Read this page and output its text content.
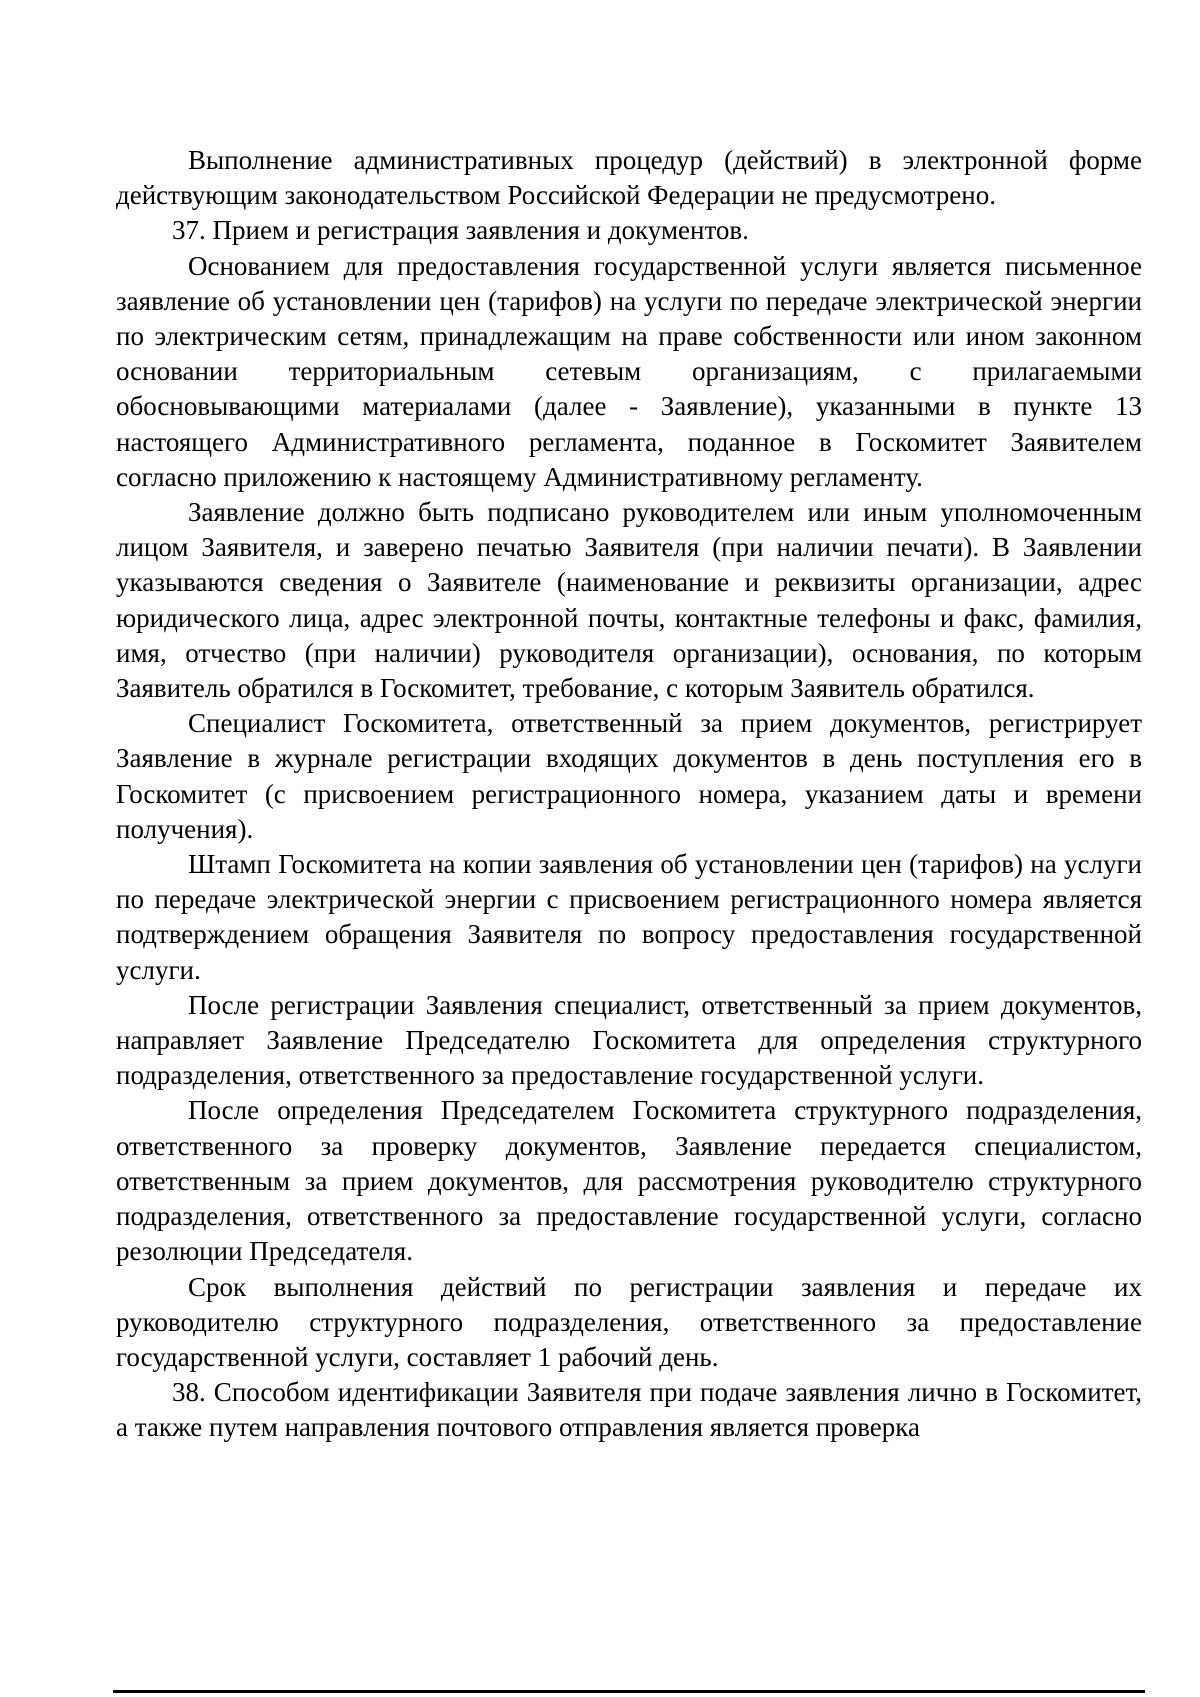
Выполнение административных процедур (действий) в электронной форме действующим законодательством Российской Федерации не предусмотрено.

37. Прием и регистрация заявления и документов.

Основанием для предоставления государственной услуги является письменное заявление об установлении цен (тарифов) на услуги по передаче электрической энергии по электрическим сетям, принадлежащим на праве собственности или ином законном основании территориальным сетевым организациям, с прилагаемыми обосновывающими материалами (далее - Заявление), указанными в пункте 13 настоящего Административного регламента, поданное в Госкомитет Заявителем согласно приложению к настоящему Административному регламенту.

Заявление должно быть подписано руководителем или иным уполномоченным лицом Заявителя, и заверено печатью Заявителя (при наличии печати). В Заявлении указываются сведения о Заявителе (наименование и реквизиты организации, адрес юридического лица, адрес электронной почты, контактные телефоны и факс, фамилия, имя, отчество (при наличии) руководителя организации), основания, по которым Заявитель обратился в Госкомитет, требование, с которым Заявитель обратился.

Специалист Госкомитета, ответственный за прием документов, регистрирует Заявление в журнале регистрации входящих документов в день поступления его в Госкомитет (с присвоением регистрационного номера, указанием даты и времени получения).

Штамп Госкомитета на копии заявления об установлении цен (тарифов) на услуги по передаче электрической энергии с присвоением регистрационного номера является подтверждением обращения Заявителя по вопросу предоставления государственной услуги.

После регистрации Заявления специалист, ответственный за прием документов, направляет Заявление Председателю Госкомитета для определения структурного подразделения, ответственного за предоставление государственной услуги.

После определения Председателем Госкомитета структурного подразделения, ответственного за проверку документов, Заявление передается специалистом, ответственным за прием документов, для рассмотрения руководителю структурного подразделения, ответственного за предоставление государственной услуги, согласно резолюции Председателя.

Срок выполнения действий по регистрации заявления и передаче их руководителю структурного подразделения, ответственного за предоставление государственной услуги, составляет 1 рабочий день.

38. Способом идентификации Заявителя при подаче заявления лично в Госкомитет, а также путем направления почтового отправления является проверка
